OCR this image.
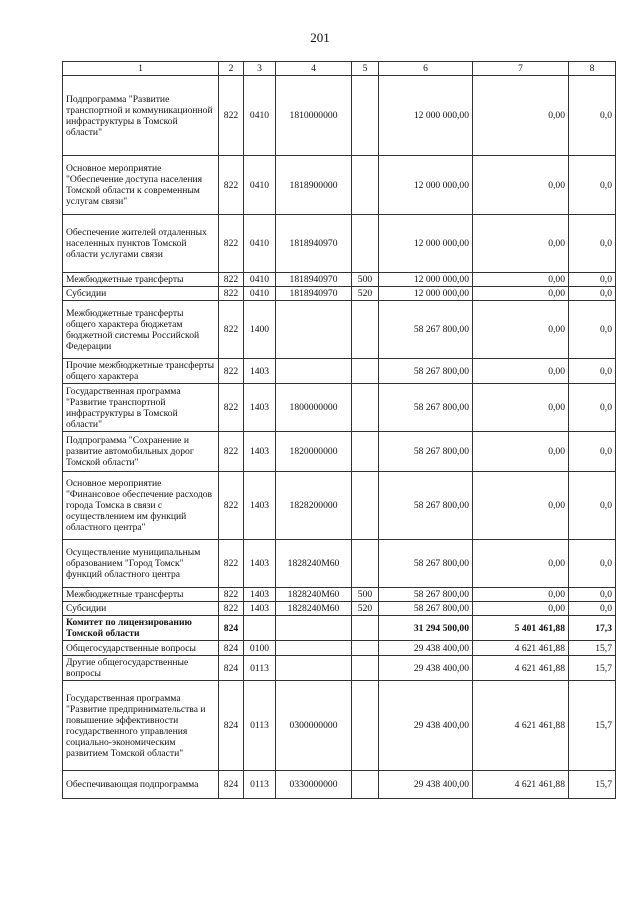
201
1	2	3	4	5	6	7	8
Подпрограмма "Развитие транспортной и коммуникационной инфраструктуры в Томской области"	822	0410	1810000000		12 000 000,00	0,00	0,0
Основное мероприятие "Обеспечение доступа населения Томской области к современным услугам связи"	822	0410	1818900000		12 000 000,00	0,00	0,0
Обеспечение жителей отдаленных населенных пунктов Томской области услугами связи	822	0410	1818940970		12 000 000,00	0,00	0,0
Межбюджетные трансферты	822	0410	1818940970	500	12 000 000,00	0,00	0,0
Субсидии	822	0410	1818940970	520	12 000 000,00	0,00	0,0
Межбюджетные трансферты общего характера бюджетам бюджетной системы Российской Федерации	822	1400			58 267 800,00	0,00	0,0
Прочие межбюджетные трансферты общего характера	822	1403			58 267 800,00	0,00	0,0
Государственная программа "Развитие транспортной инфраструктуры в Томской области"	822	1403	1800000000		58 267 800,00	0,00	0,0
Подпрограмма "Сохранение и развитие автомобильных дорог Томской области"	822	1403	1820000000		58 267 800,00	0,00	0,0
Основное мероприятие "Финансовое обеспечение расходов города Томска в связи с осуществлением им функций областного центра"	822	1403	1828200000		58 267 800,00	0,00	0,0
Осуществление муниципальным образованием "Город Томск" функций областного центра	822	1403	1828240М60		58 267 800,00	0,00	0,0
Межбюджетные трансферты	822	1403	1828240М60	500	58 267 800,00	0,00	0,0
Субсидии	822	1403	1828240М60	520	58 267 800,00	0,00	0,0
Комитет по лицензированию Томской области	824				31 294 500,00	5 401 461,88	17,3
Общегосударственные вопросы	824	0100			29 438 400,00	4 621 461,88	15,7
Другие общегосударственные вопросы	824	0113			29 438 400,00	4 621 461,88	15,7
Государственная программа "Развитие предпринимательства и повышение эффективности государственного управления социально-экономическим развитием Томской области"	824	0113	0300000000		29 438 400,00	4 621 461,88	15,7
Обеспечивающая подпрограмма	824	0113	0330000000		29 438 400,00	4 621 461,88	15,7
